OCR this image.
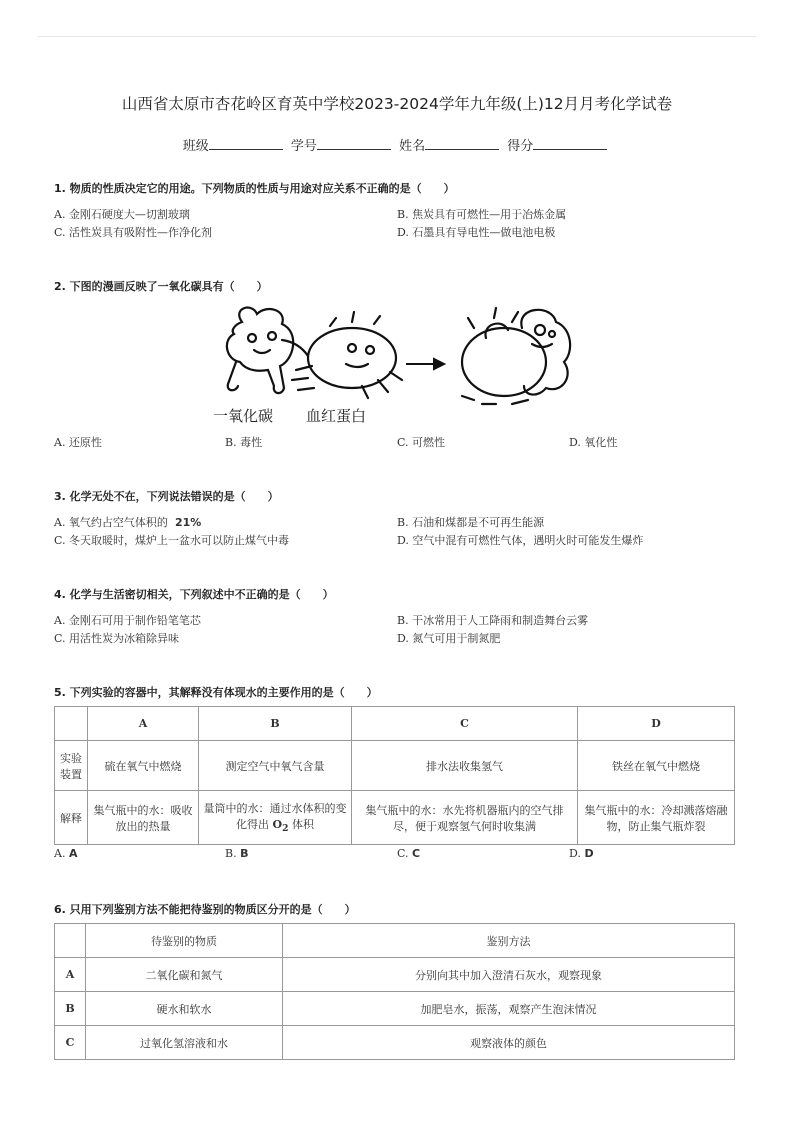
山西省太原市杏花岭区育英中学校2023-2024学年九年级(上)12月月考化学试卷
班级	学号	姓名	得分
1. 物质的性质决定它的用途。下列物质的性质与用途对应关系不正确的是（　　）
A. 金刚石硬度大—切割玻璃	B. 焦炭具有可燃性—用于冶炼金属
C. 活性炭具有吸附性—作净化剂	D. 石墨具有导电性—做电池电极
2. 下图的漫画反映了一氧化碳具有（　　）
一氧化碳 血红蛋白
A. 还原性	B. 毒性	C. 可燃性	D. 氧化性
3. 化学无处不在，下列说法错误的是（　　）
A. 氧气约占空气体积的 21%	B. 石油和煤都是不可再生能源
C. 冬天取暖时，煤炉上一盆水可以防止煤气中毒	D. 空气中混有可燃性气体，遇明火时可能发生爆炸
4. 化学与生活密切相关，下列叙述中不正确的是（　　）
A. 金刚石可用于制作铅笔笔芯	B. 干冰常用于人工降雨和制造舞台云雾
C. 用活性炭为冰箱除异味	D. 氮气可用于制氮肥
5. 下列实验的容器中，其解释没有体现水的主要作用的是（　　）
	A	B	C	D
实验装置	硫在氧气中燃烧	测定空气中氧气含量	排水法收集氢气	铁丝在氧气中燃烧
解释	集气瓶中的水：吸收放出的热量	量筒中的水：通过水体积的变化得出 $O_2$ 体积	集气瓶中的水：水先将机器瓶内的空气排尽，便于观察氢气何时收集满	集气瓶中的水：冷却溅落熔融物，防止集气瓶炸裂
A. A	B. B	C. C	D. D
6. 只用下列鉴别方法不能把待鉴别的物质区分开的是（　　）
	待鉴别的物质	鉴别方法
A	二氧化碳和氮气	分别向其中加入澄清石灰水，观察现象
B	硬水和软水	加肥皂水，振荡，观察产生泡沫情况
C	过氧化氢溶液和水	观察液体的颜色
